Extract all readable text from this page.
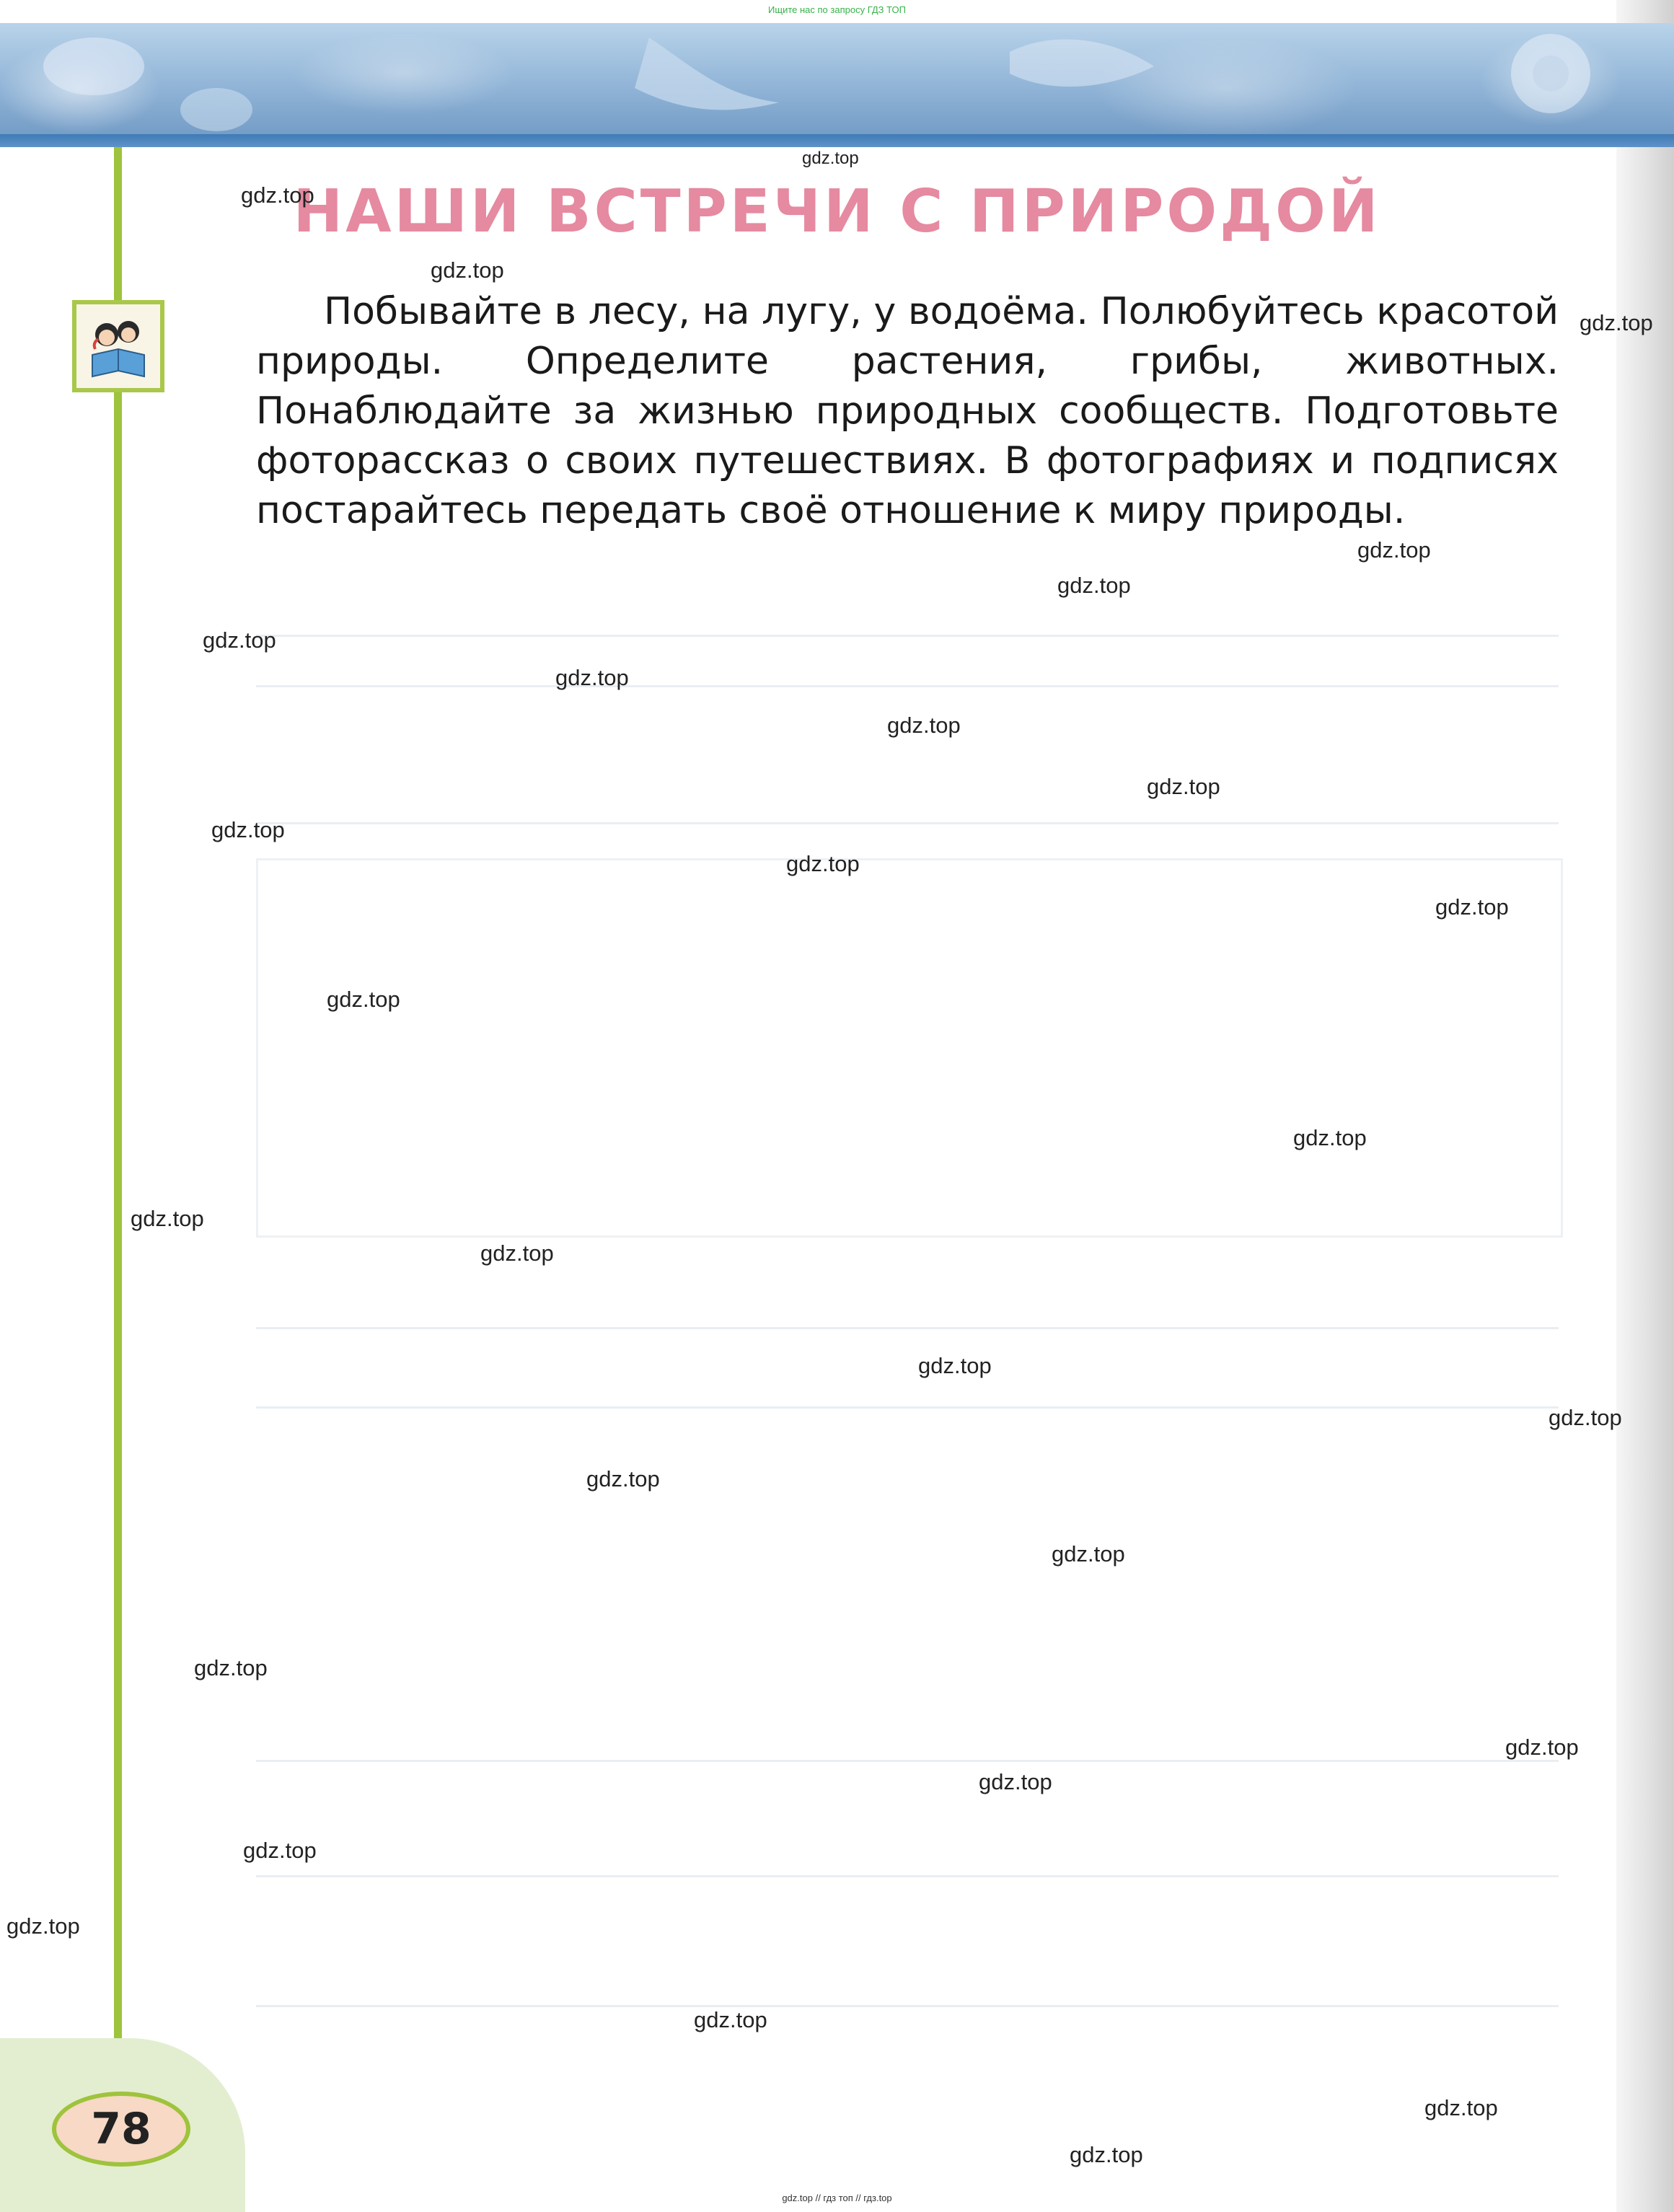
Ищите нас по запросу ГДЗ ТОП
НАШИ ВСТРЕЧИ С ПРИРОДОЙ
Побывайте в лесу, на лугу, у водоёма. Полюбуйтесь красотой природы. Определите растения, грибы, животных. Понаблюдайте за жизнью природных сообществ. Подготовьте фоторассказ о своих путешествиях. В фотографиях и подписях постарайтесь передать своё отношение к миру природы.
78
gdz.top
gdz.top
gdz.top
gdz.top
gdz.top
gdz.top
gdz.top
gdz.top
gdz.top
gdz.top
gdz.top
gdz.top
gdz.top
gdz.top
gdz.top
gdz.top
gdz.top
gdz.top
gdz.top
gdz.top
gdz.top
gdz.top
gdz.top
gdz.top
gdz.top
gdz.top
gdz.top
gdz.top
gdz.top
gdz.top // гдз топ // гдз.top
